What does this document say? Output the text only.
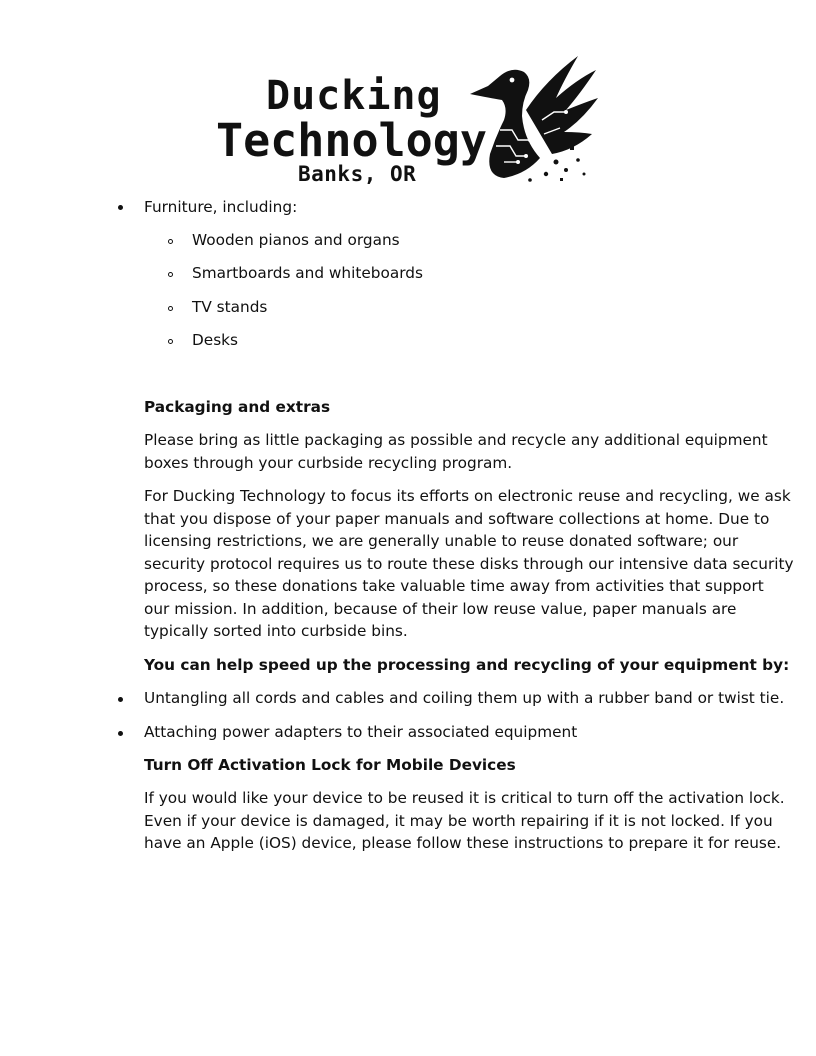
Ducking
Technology
Banks, OR
Furniture, including:
Wooden pianos and organs
Smartboards and whiteboards
TV stands
Desks
Packaging and extras
Please bring as little packaging as possible and recycle any additional equipment
boxes through your curbside recycling program.
For Ducking Technology to focus its efforts on electronic reuse and recycling, we ask
that you dispose of your paper manuals and software collections at home. Due to
licensing restrictions, we are generally unable to reuse donated software; our
security protocol requires us to route these disks through our intensive data security
process, so these donations take valuable time away from activities that support
our mission. In addition, because of their low reuse value, paper manuals are
typically sorted into curbside bins.
You can help speed up the processing and recycling of your equipment by:
Untangling all cords and cables and coiling them up with a rubber band or twist tie.
Attaching power adapters to their associated equipment
Turn Off Activation Lock for Mobile Devices
If you would like your device to be reused it is critical to turn off the activation lock.
Even if your device is damaged, it may be worth repairing if it is not locked. If you
have an Apple (iOS) device, please follow these instructions to prepare it for reuse.
